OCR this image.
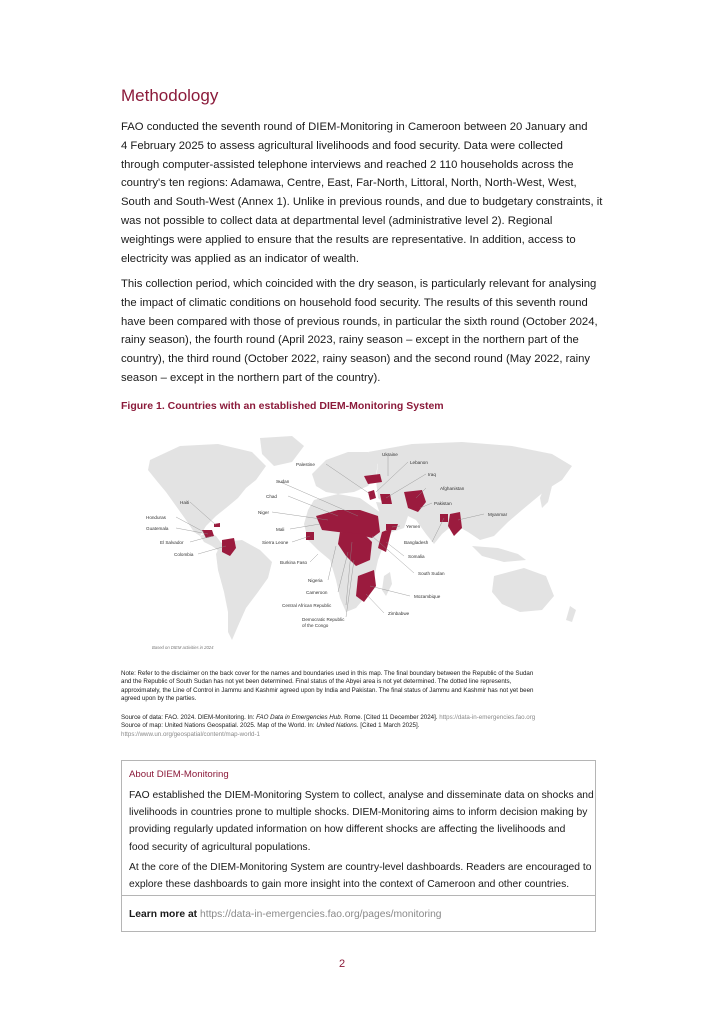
Methodology

FAO conducted the seventh round of DIEM-Monitoring in Cameroon between 20 January and
4 February 2025 to assess agricultural livelihoods and food security. Data were collected
through computer-assisted telephone interviews and reached 2 110 households across the
country's ten regions: Adamawa, Centre, East, Far-North, Littoral, North, North-West, West,
South and South-West (Annex 1). Unlike in previous rounds, and due to budgetary constraints, it
was not possible to collect data at departmental level (administrative level 2). Regional
weightings were applied to ensure that the results are representative. In addition, access to
electricity was applied as an indicator of wealth.

This collection period, which coincided with the dry season, is particularly relevant for analysing
the impact of climatic conditions on household food security. The results of this seventh round
have been compared with those of previous rounds, in particular the sixth round (October 2024,
rainy season), the fourth round (April 2023, rainy season – except in the northern part of the
country), the third round (October 2022, rainy season) and the second round (May 2022, rainy
season – except in the northern part of the country).

Figure 1. Countries with an established DIEM-Monitoring System

Ukraine
Lebanon
Palestine
Iraq
Sudan
Afghanistan
Chad
Pakistan
Haiti
Niger	Myanmar
Honduras
Yemen
Guatemala	Mali
Sierra Leone	Bangladesh
El Salvador
Colombia	Somalia
Burkina Faso
South Sudan
Nigeria
Cameroon
Mozambique
Central African Republic
Zimbabwe
Democratic Republic
of the Congo
Based on DIEM activities in 2024

Note: Refer to the disclaimer on the back cover for the names and boundaries used in this map. The final boundary between the Republic of the Sudan
and the Republic of South Sudan has not yet been determined. Final status of the Abyei area is not yet determined. The dotted line represents,
approximately, the Line of Control in Jammu and Kashmir agreed upon by India and Pakistan. The final status of Jammu and Kashmir has not yet been
agreed upon by the parties.

Source of data: FAO. 2024. DIEM-Monitoring. In: FAO Data in Emergencies Hub. Rome. [Cited 11 December 2024]. https://data-in-emergencies.fao.org
Source of map: United Nations Geospatial. 2025. Map of the World. In: United Nations. [Cited 1 March 2025].
https://www.un.org/geospatial/content/map-world-1

About DIEM-Monitoring

FAO established the DIEM-Monitoring System to collect, analyse and disseminate data on shocks and
livelihoods in countries prone to multiple shocks. DIEM-Monitoring aims to inform decision making by
providing regularly updated information on how different shocks are affecting the livelihoods and
food security of agricultural populations.

At the core of the DIEM-Monitoring System are country-level dashboards. Readers are encouraged to
explore these dashboards to gain more insight into the context of Cameroon and other countries.

Learn more at https://data-in-emergencies.fao.org/pages/monitoring

2
